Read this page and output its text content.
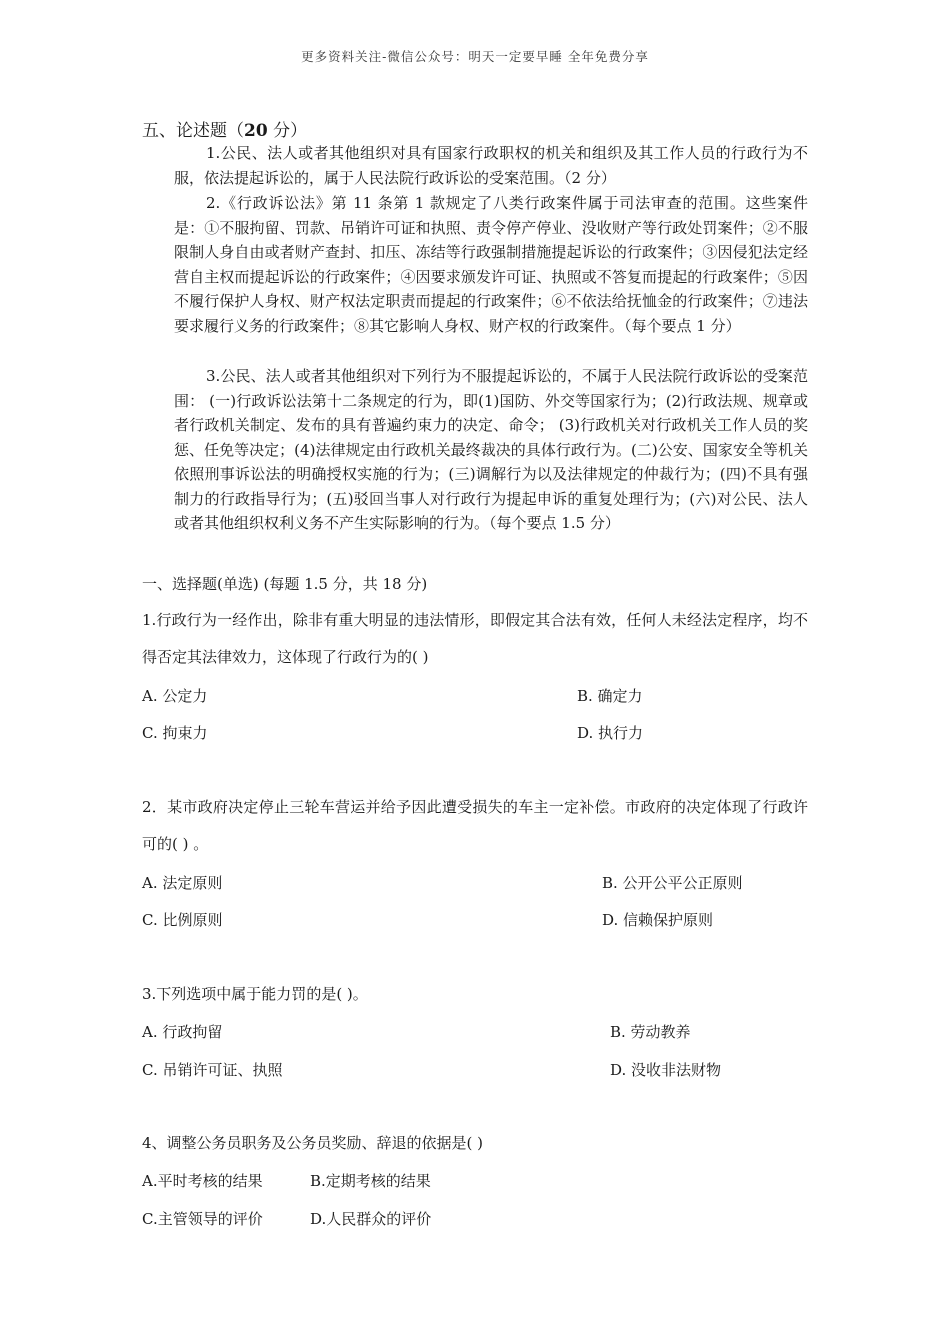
更多资料关注-微信公众号：明天一定要早睡 全年免费分享
五、论述题（20 分）
1.公民、法人或者其他组织对具有国家行政职权的机关和组织及其工作人员的行政行为不服，依法提起诉讼的，属于人民法院行政诉讼的受案范围。（2 分）
2.《行政诉讼法》第 11 条第 1 款规定了八类行政案件属于司法审查的范围。这些案件是：①不服拘留、罚款、吊销许可证和执照、责令停产停业、没收财产等行政处罚案件；②不服限制人身自由或者财产查封、扣压、冻结等行政强制措施提起诉讼的行政案件；③因侵犯法定经营自主权而提起诉讼的行政案件；④因要求颁发许可证、执照或不答复而提起的行政案件；⑤因不履行保护人身权、财产权法定职责而提起的行政案件；⑥不依法给抚恤金的行政案件；⑦违法要求履行义务的行政案件；⑧其它影响人身权、财产权的行政案件。（每个要点 1 分）
3.公民、法人或者其他组织对下列行为不服提起诉讼的，不属于人民法院行政诉讼的受案范围： (一)行政诉讼法第十二条规定的行为，即(1)国防、外交等国家行为；(2)行政法规、规章或者行政机关制定、发布的具有普遍约束力的决定、命令； (3)行政机关对行政机关工作人员的奖惩、任免等决定；(4)法律规定由行政机关最终裁决的具体行政行为。(二)公安、国家安全等机关依照刑事诉讼法的明确授权实施的行为；(三)调解行为以及法律规定的仲裁行为；(四)不具有强制力的行政指导行为；(五)驳回当事人对行政行为提起申诉的重复处理行为；(六)对公民、法人或者其他组织权利义务不产生实际影响的行为。（每个要点 1.5 分）
一、选择题(单选) (每题 1.5 分，共 18 分)
1.行政行为一经作出，除非有重大明显的违法情形，即假定其合法有效，任何人未经法定程序，均不得否定其法律效力，这体现了行政行为的( )
A. 公定力	B. 确定力
C. 拘束力	D. 执行力
2．某市政府决定停止三轮车营运并给予因此遭受损失的车主一定补偿。市政府的决定体现了行政许可的( ) 。
A. 法定原则	B. 公开公平公正原则
C. 比例原则	D. 信赖保护原则
3.下列选项中属于能力罚的是( )。
A. 行政拘留	B. 劳动教养
C. 吊销许可证、执照	D. 没收非法财物
4、调整公务员职务及公务员奖励、辞退的依据是( )
A.平时考核的结果	B.定期考核的结果
C.主管领导的评价	D.人民群众的评价
